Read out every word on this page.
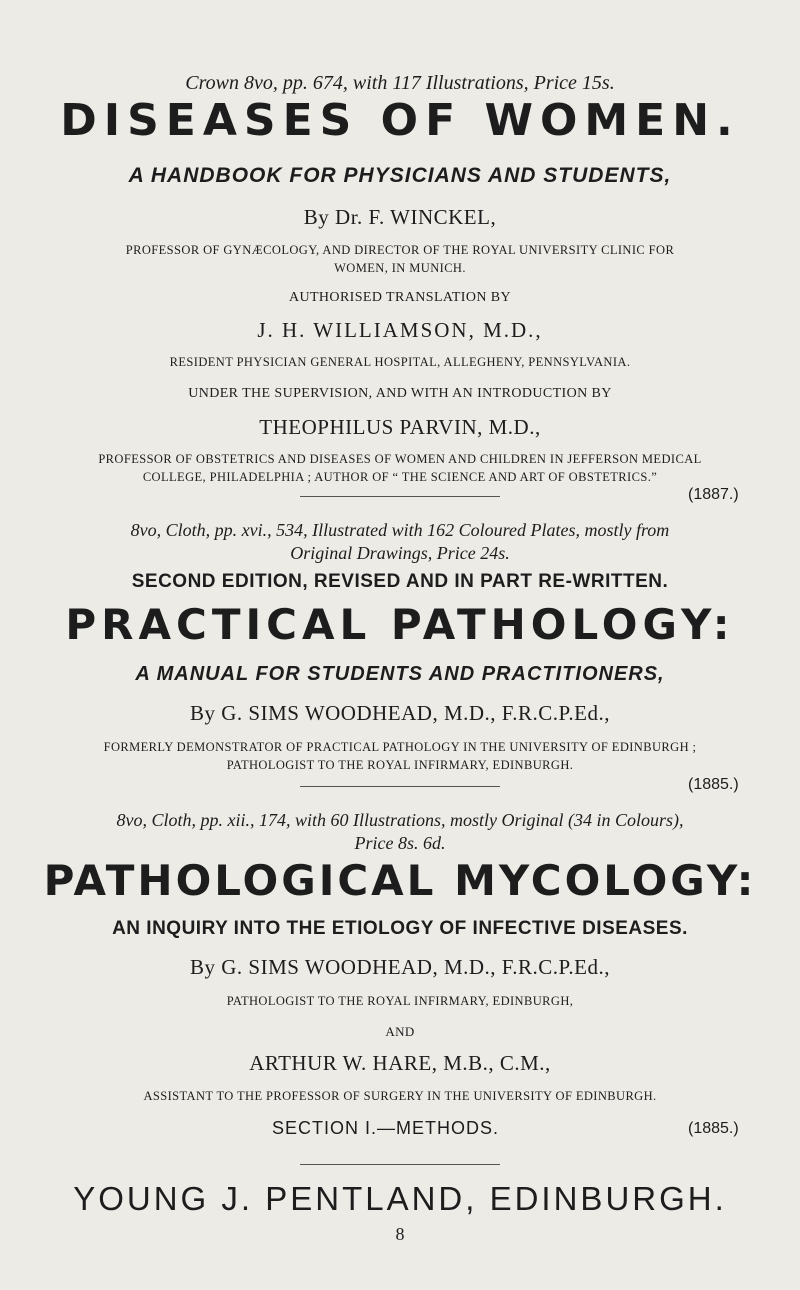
Crown 8vo, pp. 674, with 117 Illustrations, Price 15s.
DISEASES OF WOMEN.
A HANDBOOK FOR PHYSICIANS AND STUDENTS,
By Dr. F. WINCKEL,
PROFESSOR OF GYNÆCOLOGY, AND DIRECTOR OF THE ROYAL UNIVERSITY CLINIC FOR
WOMEN, IN MUNICH.
AUTHORISED TRANSLATION BY
J. H. WILLIAMSON, M.D.,
RESIDENT PHYSICIAN GENERAL HOSPITAL, ALLEGHENY, PENNSYLVANIA.
UNDER THE SUPERVISION, AND WITH AN INTRODUCTION BY
THEOPHILUS PARVIN, M.D.,
PROFESSOR OF OBSTETRICS AND DISEASES OF WOMEN AND CHILDREN IN JEFFERSON MEDICAL
COLLEGE, PHILADELPHIA ; AUTHOR OF “ THE SCIENCE AND ART OF OBSTETRICS.”
(1887.)
8vo, Cloth, pp. xvi., 534, Illustrated with 162 Coloured Plates, mostly from
Original Drawings, Price 24s.
SECOND EDITION, REVISED AND IN PART RE-WRITTEN.
PRACTICAL PATHOLOGY:
A MANUAL FOR STUDENTS AND PRACTITIONERS,
By G. SIMS WOODHEAD, M.D., F.R.C.P.Ed.,
FORMERLY DEMONSTRATOR OF PRACTICAL PATHOLOGY IN THE UNIVERSITY OF EDINBURGH ;
PATHOLOGIST TO THE ROYAL INFIRMARY, EDINBURGH.
(1885.)
8vo, Cloth, pp. xii., 174, with 60 Illustrations, mostly Original (34 in Colours),
Price 8s. 6d.
PATHOLOGICAL MYCOLOGY:
AN INQUIRY INTO THE ETIOLOGY OF INFECTIVE DISEASES.
By G. SIMS WOODHEAD, M.D., F.R.C.P.Ed.,
PATHOLOGIST TO THE ROYAL INFIRMARY, EDINBURGH,
AND
ARTHUR W. HARE, M.B., C.M.,
ASSISTANT TO THE PROFESSOR OF SURGERY IN THE UNIVERSITY OF EDINBURGH.
SECTION I.—METHODS.	(1885.)
YOUNG J. PENTLAND, EDINBURGH.
8
